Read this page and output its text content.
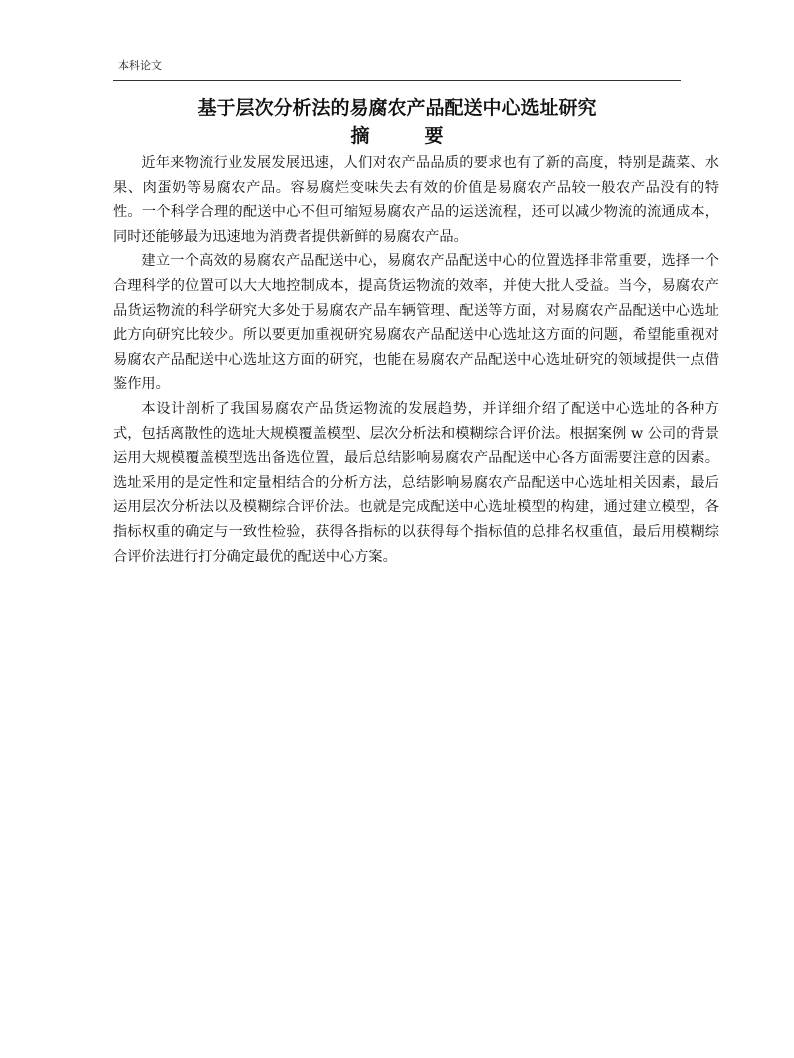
本科论文
基于层次分析法的易腐农产品配送中心选址研究
摘　要

近年来物流行业发展发展迅速，人们对农产品品质的要求也有了新的高度，特别是蔬菜、水果、肉蛋奶等易腐农产品。容易腐烂变味失去有效的价值是易腐农产品较一般农产品没有的特性。一个科学合理的配送中心不但可缩短易腐农产品的运送流程，还可以减少物流的流通成本，同时还能够最为迅速地为消费者提供新鲜的易腐农产品。

建立一个高效的易腐农产品配送中心，易腐农产品配送中心的位置选择非常重要，选择一个合理科学的位置可以大大地控制成本，提高货运物流的效率，并使大批人受益。当今，易腐农产品货运物流的科学研究大多处于易腐农产品车辆管理、配送等方面，对易腐农产品配送中心选址此方向研究比较少。所以要更加重视研究易腐农产品配送中心选址这方面的问题，希望能重视对易腐农产品配送中心选址这方面的研究，也能在易腐农产品配送中心选址研究的领域提供一点借鉴作用。

本设计剖析了我国易腐农产品货运物流的发展趋势，并详细介绍了配送中心选址的各种方式，包括离散性的选址大规模覆盖模型、层次分析法和模糊综合评价法。根据案例 w 公司的背景运用大规模覆盖模型选出备选位置，最后总结影响易腐农产品配送中心各方面需要注意的因素。选址采用的是定性和定量相结合的分析方法，总结影响易腐农产品配送中心选址相关因素，最后运用层次分析法以及模糊综合评价法。也就是完成配送中心选址模型的构建，通过建立模型，各指标权重的确定与一致性检验，获得各指标的以获得每个指标值的总排名权重值，最后用模糊综合评价法进行打分确定最优的配送中心方案。
